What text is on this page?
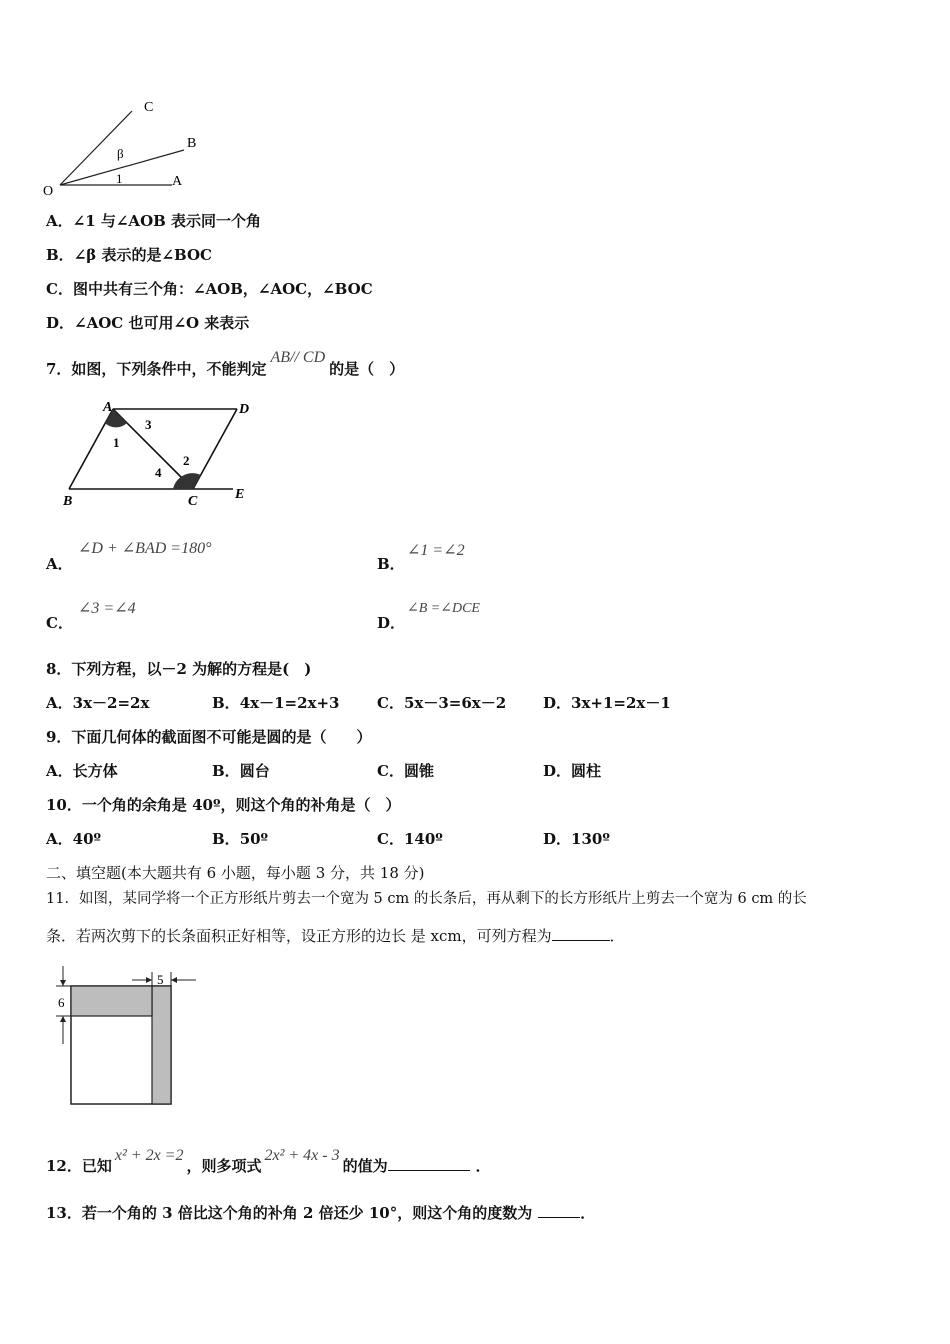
C
B
O
A
β
1
A．∠1 与∠AOB 表示同一个角
B．∠β 表示的是∠BOC
C．图中共有三个角：∠AOB，∠AOC，∠BOC
D．∠AOC 也可用∠O 来表示
7．如图，下列条件中，不能判定AB// CD的是（　）
A	D
B	C	E
1
3
4
2
A．
∠D + ∠BAD =180°
B．
∠1 =∠2
C．
∠3 =∠4
D．
∠B =∠DCE
8．下列方程，以－2 为解的方程是(　)
A．3x－2=2x	B．4x－1=2x+3	C．5x－3=6x－2 D．3x+1=2x－1
9．下面几何体的截面图不可能是圆的是（　　）
A．长方体	B．圆台	C．圆锥	D．圆柱
10．一个角的余角是 40º，则这个角的补角是（　）
A．40º	B．50º	C．140º	D．130º
二、填空题(本大题共有 6 小题，每小题 3 分，共 18 分)
11．如图，某同学将一个正方形纸片剪去一个宽为 5 cm 的长条后，再从剩下的长方形纸片上剪去一个宽为 6 cm 的长
条．若两次剪下的长条面积正好相等，设正方形的边长 是 xcm，可列方程为	．
5
6
12．已知x² + 2x =2，则多项式2x² + 4x - 3的值为	．
13．若一个角的 3 倍比这个角的补角 2 倍还少 10°，则这个角的度数为	．
